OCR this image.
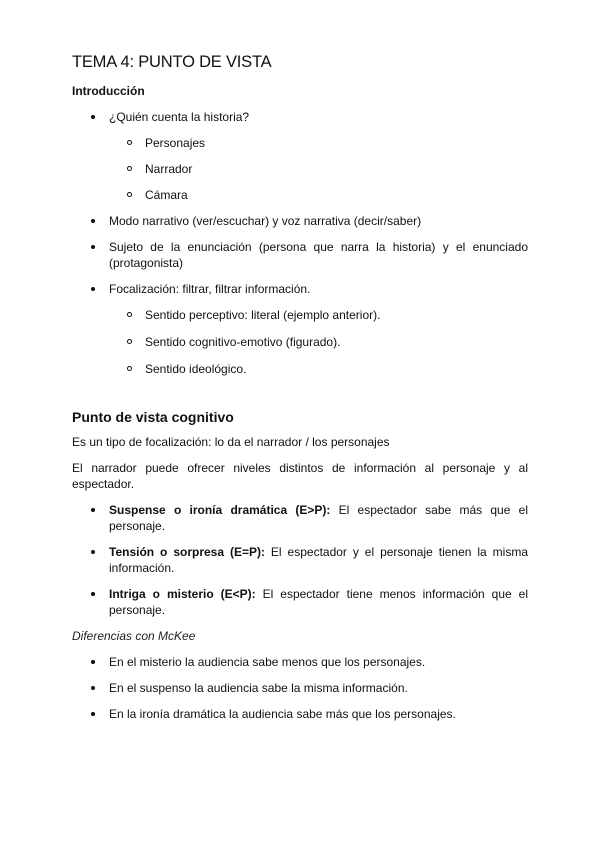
TEMA 4: PUNTO DE VISTA
Introducción
¿Quién cuenta la historia?
Personajes
Narrador
Cámara
Modo narrativo (ver/escuchar) y voz narrativa (decir/saber)
Sujeto de la enunciación (persona que narra la historia) y el enunciado (protagonista)
Focalización: filtrar, filtrar información.
Sentido perceptivo: literal (ejemplo anterior).
Sentido cognitivo-emotivo (figurado).
Sentido ideológico.
Punto de vista cognitivo

Es un tipo de focalización: lo da el narrador / los personajes

El narrador puede ofrecer niveles distintos de información al personaje y al espectador.

Suspense o ironía dramática (E>P): El espectador sabe más que el personaje.
Tensión o sorpresa (E=P): El espectador y el personaje tienen la misma información.
Intriga o misterio (E<P): El espectador tiene menos información que el personaje.

Diferencias con McKee

En el misterio la audiencia sabe menos que los personajes.
En el suspenso la audiencia sabe la misma información.
En la ironía dramática la audiencia sabe más que los personajes.
